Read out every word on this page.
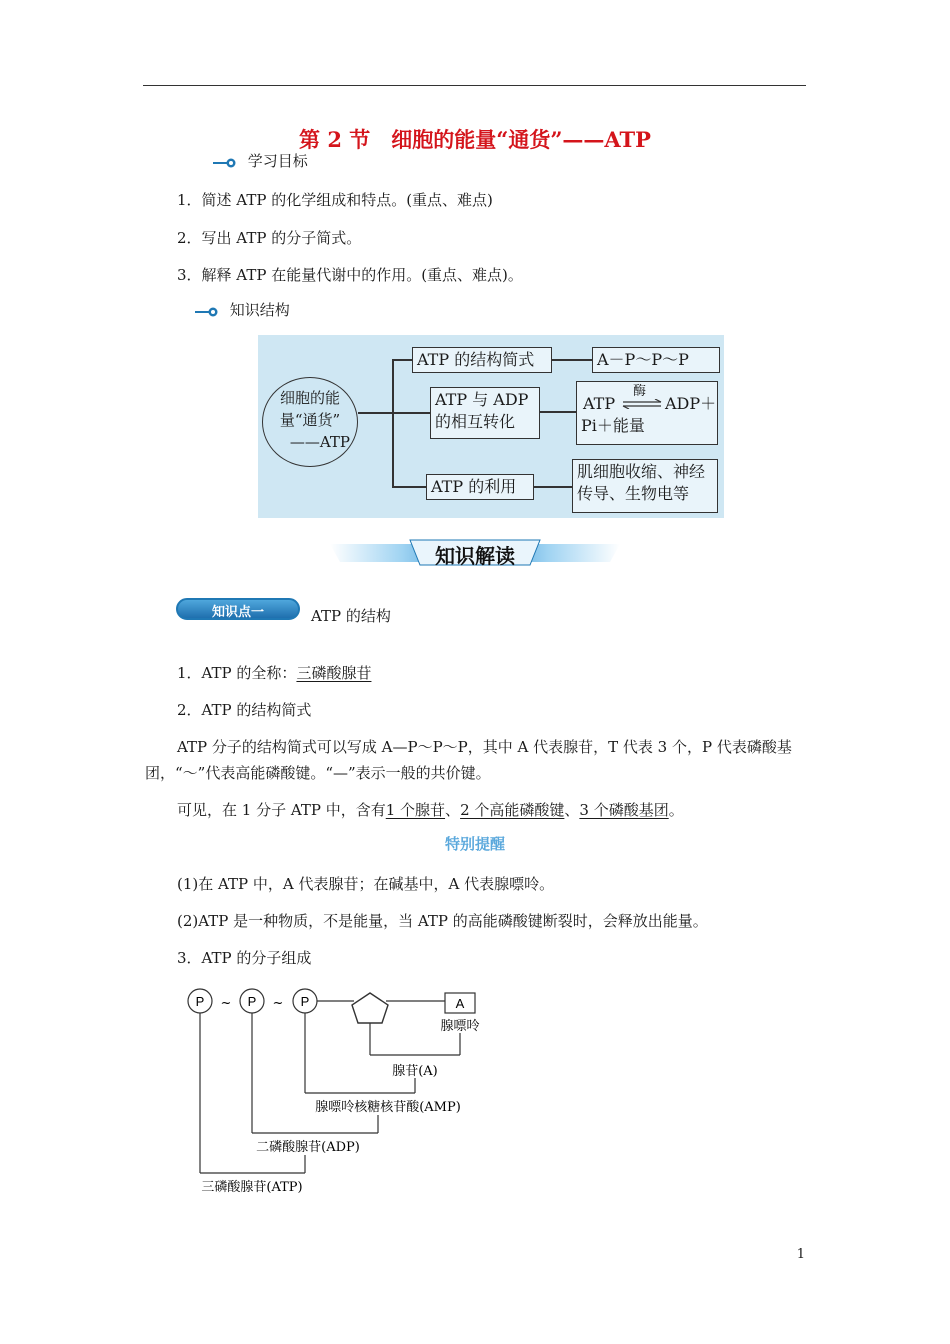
第 2 节　细胞的能量“通货”——ATP
学习目标
1．简述 ATP 的化学组成和特点。(重点、难点)
2．写出 ATP 的分子简式。
3．解释 ATP 在能量代谢中的作用。(重点、难点)。
知识结构
细胞的能
量“通货”
——ATP
ATP 的结构简式	A－P～P～P
ATP 与 ADP
的相互转化
ATP
酶
⇌ ADP＋
Pi＋能量
ATP 的利用
肌细胞收缩、神经
传导、生物电等
知识解读
知识点一	ATP 的结构
1．ATP 的全称：三磷酸腺苷
2．ATP 的结构简式
ATP 分子的结构简式可以写成 A—P～P～P，其中 A 代表腺苷，T 代表 3 个，P 代表磷酸基
团，“～”代表高能磷酸键。“—”表示一般的共价键。
可见，在 1 分子 ATP 中，含有1 个腺苷、2 个高能磷酸键、3 个磷酸基团。
特别提醒
(1)在 ATP 中，A 代表腺苷；在碱基中，A 代表腺嘌呤。
(2)ATP 是一种物质，不是能量，当 ATP 的高能磷酸键断裂时，会释放出能量。
3．ATP 的分子组成
P	P	P
~	~	A
腺嘌呤
腺苷(A)
腺嘌呤核糖核苷酸(AMP)
二磷酸腺苷(ADP)
三磷酸腺苷(ATP)
1
